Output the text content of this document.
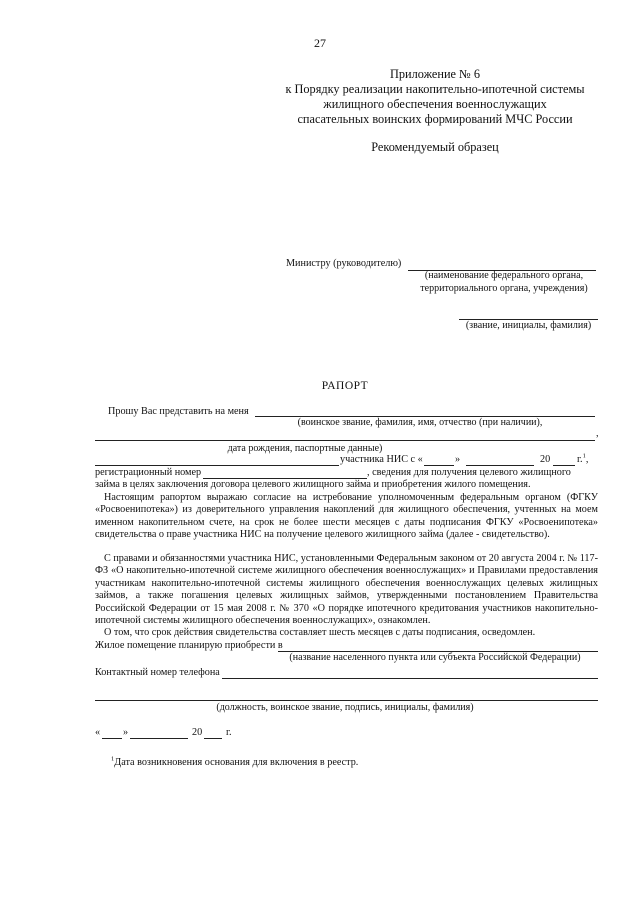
27
Приложение № 6
к Порядку реализации накопительно-ипотечной системы
жилищного обеспечения военнослужащих
спасательных воинских формирований МЧС России
Рекомендуемый образец
Министру (руководителю)
(наименование федерального органа,
территориального органа, учреждения)
(звание, инициалы, фамилия)
РАПОРТ
Прошу Вас представить на меня
(воинское звание, фамилия, имя, отчество (при наличии),
,
дата рождения, паспортные данные)
участника НИС с «	»	20	г.$^1$,
регистрационный номер	, сведения для получения целевого жилищного
займа в целях заключения договора целевого жилищного займа и приобретения жилого помещения.
Настоящим рапортом выражаю согласие на истребование уполномоченным федеральным органом (ФГКУ «Росвоенипотека») из доверительного управления накоплений для жилищного обеспечения, учтенных на моем именном накопительном счете, на срок не более шести месяцев с даты подписания ФГКУ «Росвоенипотека» свидетельства о праве участника НИС на получение целевого жилищного займа (далее - свидетельство).
С правами и обязанностями участника НИС, установленными Федеральным законом от 20 августа 2004 г. № 117-ФЗ «О накопительно-ипотечной системе жилищного обеспечения военнослужащих» и Правилами предоставления участникам накопительно-ипотечной системы жилищного обеспечения военнослужащих целевых жилищных займов, а также погашения целевых жилищных займов, утвержденными постановлением Правительства Российской Федерации от 15 мая 2008 г. № 370 «О порядке ипотечного кредитования участников накопительно-ипотечной системы жилищного обеспечения военнослужащих», ознакомлен.
О том, что срок действия свидетельства составляет шесть месяцев с даты подписания, осведомлен.
Жилое помещение планирую приобрести в
(название населенного пункта или субъекта Российской Федерации)
Контактный номер телефона
(должность, воинское звание, подпись, инициалы, фамилия)
« »	20 г.
$^1$Дата возникновения основания для включения в реестр.
